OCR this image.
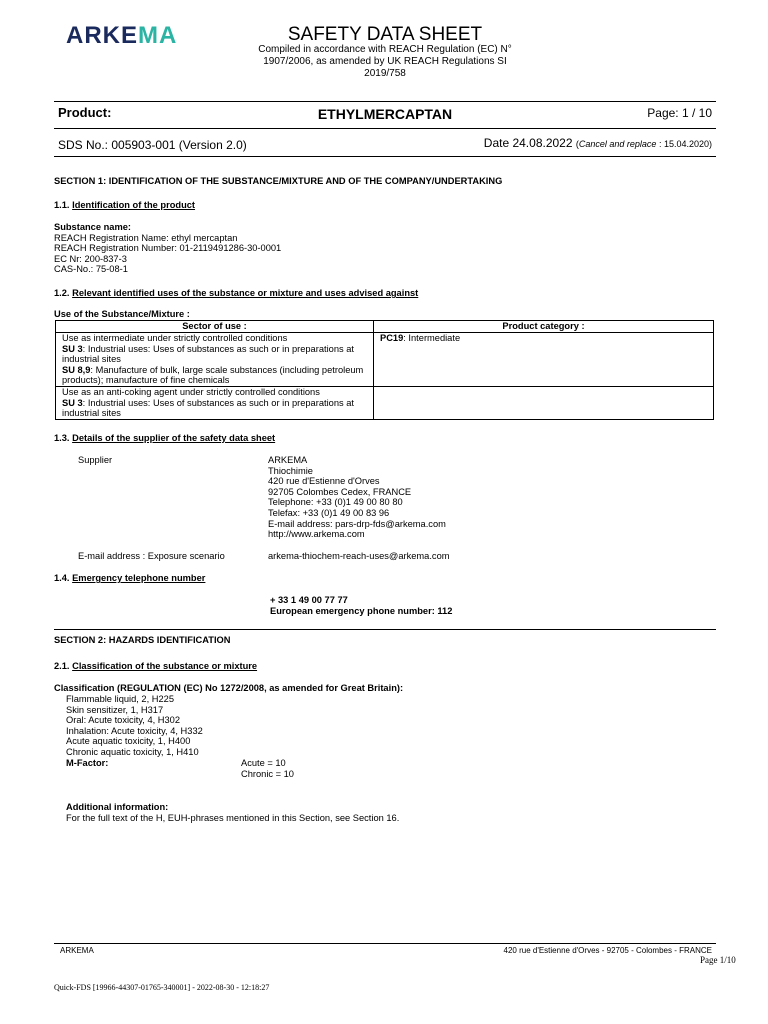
ARKEMA	SAFETY DATA SHEET
Compiled in accordance with REACH Regulation (EC) N°
1907/2006, as amended by UK REACH Regulations SI
2019/758
Product:	ETHYLMERCAPTAN	Page: 1 / 10
SDS No.: 005903-001 (Version 2.0)	Date 24.08.2022 (Cancel and replace : 15.04.2020)
SECTION 1: IDENTIFICATION OF THE SUBSTANCE/MIXTURE AND OF THE COMPANY/UNDERTAKING
1.1. Identification of the product
Substance name:
REACH Registration Name: ethyl mercaptan
REACH Registration Number: 01-2119491286-30-0001
EC Nr: 200-837-3
CAS-No.: 75-08-1
1.2. Relevant identified uses of the substance or mixture and uses advised against
Use of the Substance/Mixture :
Sector of use :	Product category :

Use as intermediate under strictly controlled conditions
SU 3: Industrial uses: Uses of substances as such or in preparations at industrial sites
SU 8,9: Manufacture of bulk, large scale substances (including petroleum products); manufacture of fine chemicals	PC19: Intermediate

Use as an anti-coking agent under strictly controlled conditions
SU 3: Industrial uses: Uses of substances as such or in preparations at industrial sites	

1.3. Details of the supplier of the safety data sheet
Supplier	ARKEMA
Thiochimie
420 rue d'Estienne d'Orves
92705 Colombes Cedex, FRANCE
Telephone: +33 (0)1 49 00 80 80
Telefax: +33 (0)1 49 00 83 96
E-mail address: pars-drp-fds@arkema.com
http://www.arkema.com
E-mail address : Exposure scenario	arkema-thiochem-reach-uses@arkema.com
1.4. Emergency telephone number
+ 33 1 49 00 77 77
European emergency phone number: 112
SECTION 2: HAZARDS IDENTIFICATION
2.1. Classification of the substance or mixture
Classification (REGULATION (EC) No 1272/2008, as amended for Great Britain):
Flammable liquid, 2, H225
Skin sensitizer, 1, H317
Oral: Acute toxicity, 4, H302
Inhalation: Acute toxicity, 4, H332
Acute aquatic toxicity, 1, H400
Chronic aquatic toxicity, 1, H410
M-Factor:	Acute = 10
Chronic = 10
Additional information:
For the full text of the H, EUH-phrases mentioned in this Section, see Section 16.
ARKEMA	420 rue d'Estienne d'Orves - 92705 - Colombes - FRANCE
Page 1/10
Quick-FDS [19966-44307-01765-340001] - 2022-08-30 - 12:18:27
